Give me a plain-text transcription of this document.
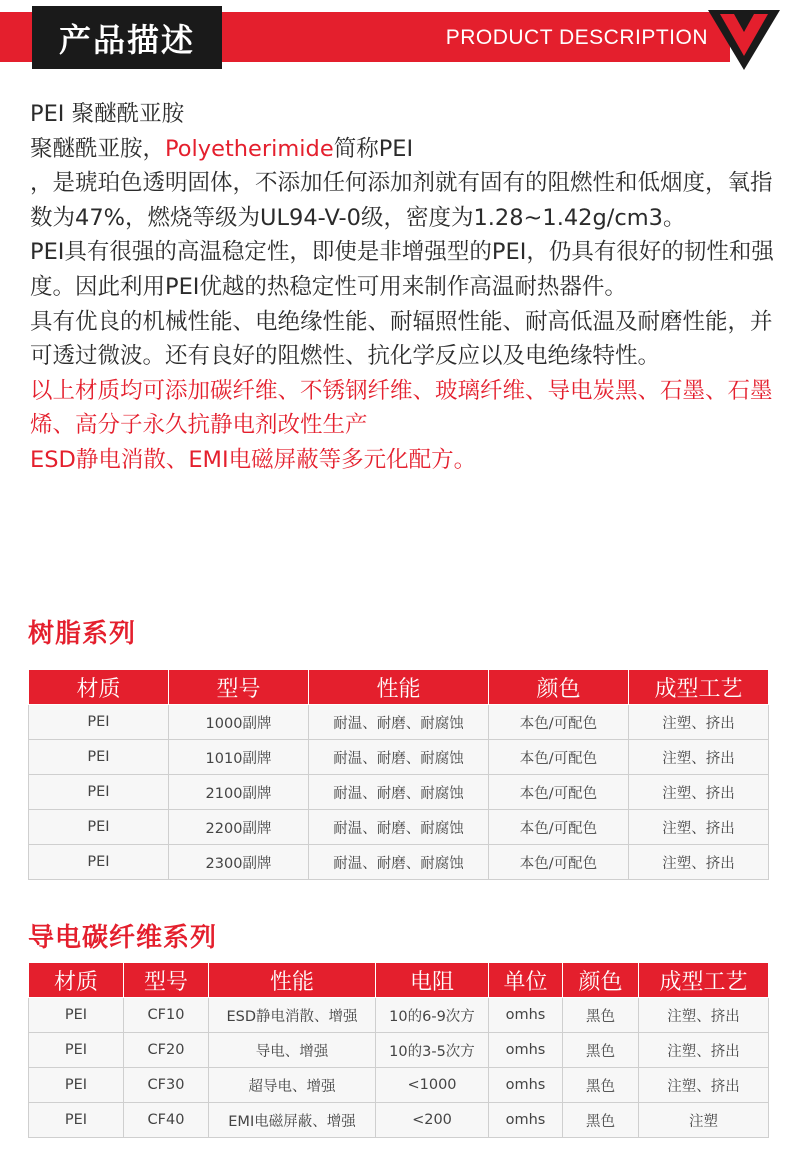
产品描述	PRODUCT DESCRIPTION

PEI 聚醚酰亚胺

聚醚酰亚胺，Polyetherimide简称PEI

，是琥珀色透明固体，不添加任何添加剂就有固有的阻燃性和低烟度，氧指数为47%，燃烧等级为UL94-V-0级，密度为1.28~1.42g/cm3。

PEI具有很强的高温稳定性，即使是非增强型的PEI，仍具有很好的韧性和强度。因此利用PEI优越的热稳定性可用来制作高温耐热器件。

具有优良的机械性能、电绝缘性能、耐辐照性能、耐高低温及耐磨性能，并可透过微波。还有良好的阻燃性、抗化学反应以及电绝缘特性。

以上材质均可添加碳纤维、不锈钢纤维、玻璃纤维、导电炭黑、石墨、石墨烯、高分子永久抗静电剂改性生产

ESD静电消散、EMI电磁屏蔽等多元化配方。

树脂系列
材质	型号	性能	颜色	成型工艺
PEI	1000副牌	耐温、耐磨、耐腐蚀	本色/可配色	注塑、挤出
PEI	1010副牌	耐温、耐磨、耐腐蚀	本色/可配色	注塑、挤出
PEI	2100副牌	耐温、耐磨、耐腐蚀	本色/可配色	注塑、挤出
PEI	2200副牌	耐温、耐磨、耐腐蚀	本色/可配色	注塑、挤出
PEI	2300副牌	耐温、耐磨、耐腐蚀	本色/可配色	注塑、挤出
导电碳纤维系列
材质	型号	性能	电阻	单位	颜色	成型工艺
PEI	CF10	ESD静电消散、增强	10的6-9次方	omhs	黑色	注塑、挤出
PEI	CF20	导电、增强	10的3-5次方	omhs	黑色	注塑、挤出
PEI	CF30	超导电、增强	<1000	omhs	黑色	注塑、挤出
PEI	CF40	EMI电磁屏蔽、增强	<200	omhs	黑色	注塑
